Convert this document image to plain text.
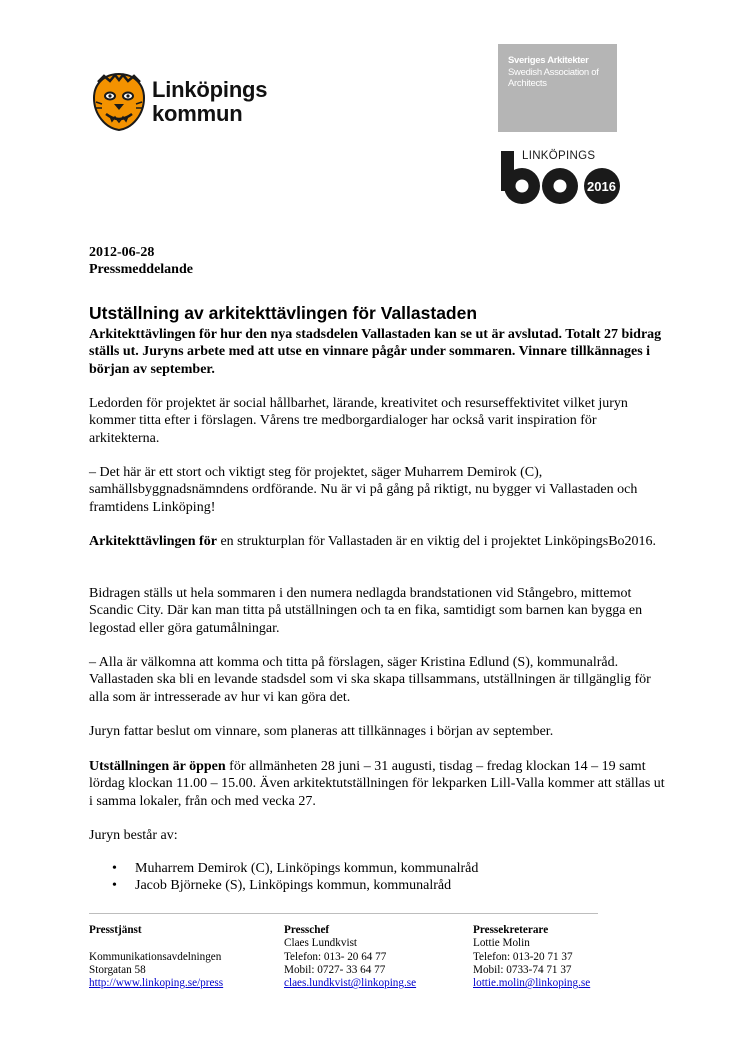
Linköpings
kommun
Sveriges Arkitekter
Swedish Association of Architects
LINKÖPINGS
2016
2012-06-28
Pressmeddelande
Utställning av arkitekttävlingen för Vallastaden

Arkitekttävlingen för hur den nya stadsdelen Vallastaden kan se ut är avslutad. Totalt 27 bidrag ställs ut. Juryns arbete med att utse en vinnare pågår under sommaren. Vinnare tillkännages i början av september.

Ledorden för projektet är social hållbarhet, lärande, kreativitet och resurseffektivitet vilket juryn kommer titta efter i förslagen. Vårens tre medborgardialoger har också varit inspiration för arkitekterna.

– Det här är ett stort och viktigt steg för projektet, säger Muharrem Demirok (C), samhällsbyggnadsnämndens ordförande. Nu är vi på gång på riktigt, nu bygger vi Vallastaden och framtidens Linköping!

Arkitekttävlingen för en strukturplan för Vallastaden är en viktig del i projektet LinköpingsBo2016.

Bidragen ställs ut hela sommaren i den numera nedlagda brandstationen vid Stångebro, mittemot Scandic City. Där kan man titta på utställningen och ta en fika, samtidigt som barnen kan bygga en legostad eller göra gatumålningar.

– Alla är välkomna att komma och titta på förslagen, säger Kristina Edlund (S), kommunalråd. Vallastaden ska bli en levande stadsdel som vi ska skapa tillsammans, utställningen är tillgänglig för alla som är intresserade av hur vi kan göra det.

Juryn fattar beslut om vinnare, som planeras att tillkännages i början av september.

Utställningen är öppen för allmänheten 28 juni – 31 augusti, tisdag – fredag klockan 14 – 19 samt lördag klockan 11.00 – 15.00. Även arkitektutställningen för lekparken Lill-Valla kommer att ställas ut i samma lokaler, från och med vecka 27.

Juryn består av:

• Muharrem Demirok (C), Linköpings kommun, kommunalråd
• Jacob Björneke (S), Linköpings kommun, kommunalråd
Presstjänst

Kommunikationsavdelningen
Storgatan 58
http://www.linkoping.se/press
Presschef
Claes Lundkvist
Telefon: 013- 20 64 77
Mobil: 0727- 33 64 77
claes.lundkvist@linkoping.se
Pressekreterare
Lottie Molin
Telefon: 013-20 71 37
Mobil: 0733-74 71 37
lottie.molin@linkoping.se
